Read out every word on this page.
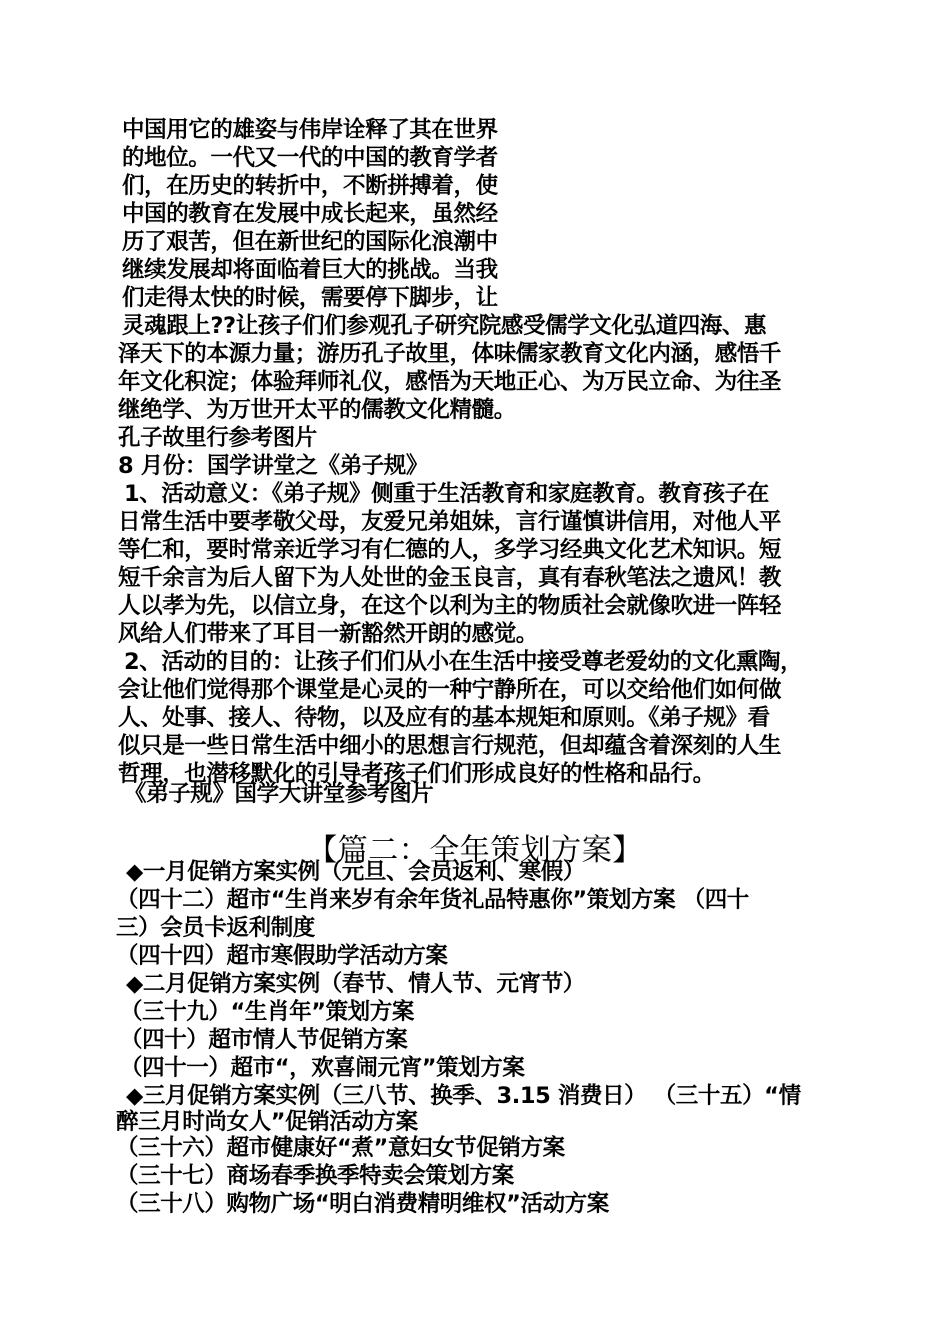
中国用它的雄姿与伟岸诠释了其在世界

的地位。一代又一代的中国的教育学者

们，在历史的转折中，不断拼搏着，使

中国的教育在发展中成长起来，虽然经

历了艰苦，但在新世纪的国际化浪潮中

继续发展却将面临着巨大的挑战。当我

们走得太快的时候，需要停下脚步，让

灵魂跟上??让孩子们们参观孔子研究院感受儒学文化弘道四海、惠

泽天下的本源力量；游历孔子故里，体味儒家教育文化内涵，感悟千

年文化积淀；体验拜师礼仪，感悟为天地正心、为万民立命、为往圣

继绝学、为万世开太平的儒教文化精髓。

孔子故里行参考图片

8 月份：国学讲堂之《弟子规》

1、活动意义：《弟子规》侧重于生活教育和家庭教育。教育孩子在

日常生活中要孝敬父母，友爱兄弟姐妹，言行谨慎讲信用，对他人平

等仁和，要时常亲近学习有仁德的人，多学习经典文化艺术知识。短

短千余言为后人留下为人处世的金玉良言，真有春秋笔法之遗风！教

人以孝为先，以信立身，在这个以利为主的物质社会就像吹进一阵轻

风给人们带来了耳目一新豁然开朗的感觉。

2、活动的目的：让孩子们们从小在生活中接受尊老爱幼的文化熏陶，

会让他们觉得那个课堂是心灵的一种宁静所在，可以交给他们如何做

人、处事、接人、待物，以及应有的基本规矩和原则。《弟子规》看

似只是一些日常生活中细小的思想言行规范，但却蕴含着深刻的人生

哲理，也潜移默化的引导者孩子们们形成良好的性格和品行。

《弟子规》国学大讲堂参考图片

【篇二：全年策划方案】

◆一月促销方案实例（元旦、会员返利、寒假）

（四十二）超市“生肖来岁有余年货礼品特惠你”策划方案 （四十

三）会员卡返利制度

（四十四）超市寒假助学活动方案

◆二月促销方案实例（春节、情人节、元宵节）

（三十九）“生肖年”策划方案

（四十）超市情人节促销方案

（四十一）超市“，欢喜闹元宵”策划方案

◆三月促销方案实例（三八节、换季、3.15 消费日） （三十五）“情

醉三月时尚女人”促销活动方案

（三十六）超市健康好“煮”意妇女节促销方案

（三十七）商场春季换季特卖会策划方案

（三十八）购物广场“明白消费精明维权”活动方案
